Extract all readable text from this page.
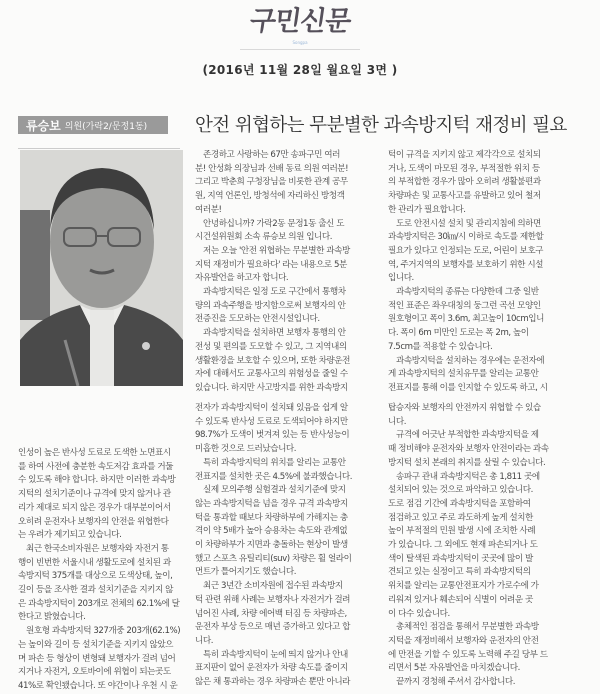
구민신문
Songpa
(2016년 11월 28일 월요일 3면 )
류승보 의원(가락2/문정1동)	안전 위협하는 무분별한 과속방지턱 재정비 필요

존경하고 사랑하는 67만 송파구민 여러

분! 안성화 의장님과 선배 동료 의원 여러분!

그리고 박춘희 구청장님을 비롯한 관계 공무

원, 지역 언론인, 방청석에 자리하신 방청객

여러분!

안녕하십니까? 가락2동 문정1동 출신 도

시건설위원회 소속 류승보 의원 입니다.

저는 오늘 '안전 위협하는 무분별한 과속방

지턱 재정비가 필요하다' 라는 내용으로 5분

자유발언을 하고자 합니다.

과속방지턱은 일정 도로 구간에서 통행차

량의 과속주행을 방지함으로써 보행자의 안

전증진을 도모하는 안전시설입니다.

과속방지턱을 설치하면 보행자 통행의 안

전성 및 편의를 도모할 수 있고, 그 지역내의

생활환경을 보호할 수 있으며, 또한 차량운전

자에 대해서도 교통사고의 위험성을 줄일 수

있습니다. 하지만 사고방지를 위한 과속방지

턱이 규격을 지키지 않고 제각각으로 설치되

거나, 도색이 마모된 경우, 부적절한 위치 등

의 부적합한 경우가 많아 오히려 생활불편과

차량파손 및 교통사고를 유발하고 있어 철저

한 관리가 필요합니다.

도로 안전시설 설치 및 관리지침에 의하면

과속방지턱은 30㎞/시 이하로 속도를 제한할

필요가 있다고 인정되는 도로, 어린이 보호구

역, 주거지역의 보행자를 보호하기 위한 시설

입니다.

과속방지턱의 종류는 다양한데 그중 일반

적인 표준은 좌우대칭의 둥그런 곡선 모양인

원호형이고 폭이 3.6m, 최고높이 10cm입니

다. 폭이 6m 미만인 도로는 폭 2m, 높이

7.5cm를 적용할 수 있습니다.

과속방지턱을 설치하는 경우에는 운전자에

게 과속방지턱의 설치유무를 알리는 교통안

전표지를 통해 이를 인지할 수 있도록 하고, 시

인성이 높은 반사성 도료로 도색한 노면표시

를 하여 사전에 충분한 속도저감 효과를 거둘

수 있도록 해야 합니다. 하지만 이러한 과속방

지턱의 설치기준이나 규격에 맞지 않거나 관

리가 제대로 되지 않은 경우가 대부분이어서

오히려 운전자나 보행자의 안전을 위협한다

는 우려가 제기되고 있습니다.

최근 한국소비자원은 보행자와 자전거 통

행이 빈번한 서울시내 생활도로에 설치된 과

속방지턱 375개를 대상으로 도색상태, 높이,

길이 등을 조사한 결과 설치기준을 지키지 않

은 과속방지턱이 203개로 전체의 62.1%에 달

한다고 밝혔습니다.

원호형 과속방지턱 327개중 203개(62.1%)

는 높이와 길이 등 설치기준을 지키지 않았으

며 파손 등 형상이 변형돼 보행자가 걸려 넘어

지거나 자전거, 오토바이에 위협이 되는곳도

41%로 확인됐습니다. 또 야간이나 우천 시 운

전자가 과속방지턱이 설치돼 있음을 쉽게 알

수 있도록 반사성 도료로 도색되어야 하지만

98.7%가 도색이 벗겨져 있는 등 반사성능이

미흡한 것으로 드러났습니다.

특히 과속방지턱의 위치를 알리는 교통안

전표지를 설치한 곳은 4.5%에 불과했습니다.

실제 모의주행 실험결과 설치기준에 맞지

않는 과속방지턱을 넘을 경우 규격 과속방지

턱을 통과할 때보다 차량하부에 가해지는 충

격이 약 5배가 높아 승용차는 속도와 관계없

이 차량하부가 지면과 충돌하는 현상이 발생

했고 스포츠 유틸리티(suv) 차량은 휠 얼라이

먼트가 틀어지기도 했습니다.

최근 3년간 소비자원에 접수된 과속방지

턱 관련 위해 사례는 보행자나 자전거가 걸려

넘어진 사례, 차량 에어백 터짐 등 차량파손,

운전자 부상 등으로 매년 증가하고 있다고 합

니다.

특히 과속방지턱이 눈에 띄지 않거나 안내

표지판이 없어 운전자가 차량 속도를 줄이지

않은 채 통과하는 경우 차량파손 뿐만 아니라

탑승자와 보행자의 안전까지 위협할 수 있습

니다.

규격에 어긋난 부적합한 과속방지턱을 제

때 정비해야 운전자와 보행자 안전이라는 과속

방지턱 설치 본래의 취지를 살릴 수 있습니다.

송파구 관내 과속방지턱은 총 1,811 곳에

설치되어 있는 것으로 파악하고 있습니다.

도로 점검 기간에 과속방지턱을 포함하여

점검하고 있고 주로 과도하게 높게 설치한

높이 부적절의 민원 발생 시에 조치한 사례

가 있습니다. 그 외에도 현재 파손되거나 도

색이 탈색된 과속방지턱이 곳곳에 많이 발

견되고 있는 실정이고 특히 과속방지턱의

위치를 알리는 교통안전표지가 가로수에 가

리워져 있거나 훼손되어 식별이 어려운 곳

이 다수 있습니다.

총체적인 점검을 통해서 무분별한 과속방

지턱을 재정비해서 보행자와 운전자의 안전

에 만전을 기할 수 있도록 노력해 주길 당부 드

리면서 5분 자유발언을 마치겠습니다.

끝까지 경청해 주셔서 감사합니다.
